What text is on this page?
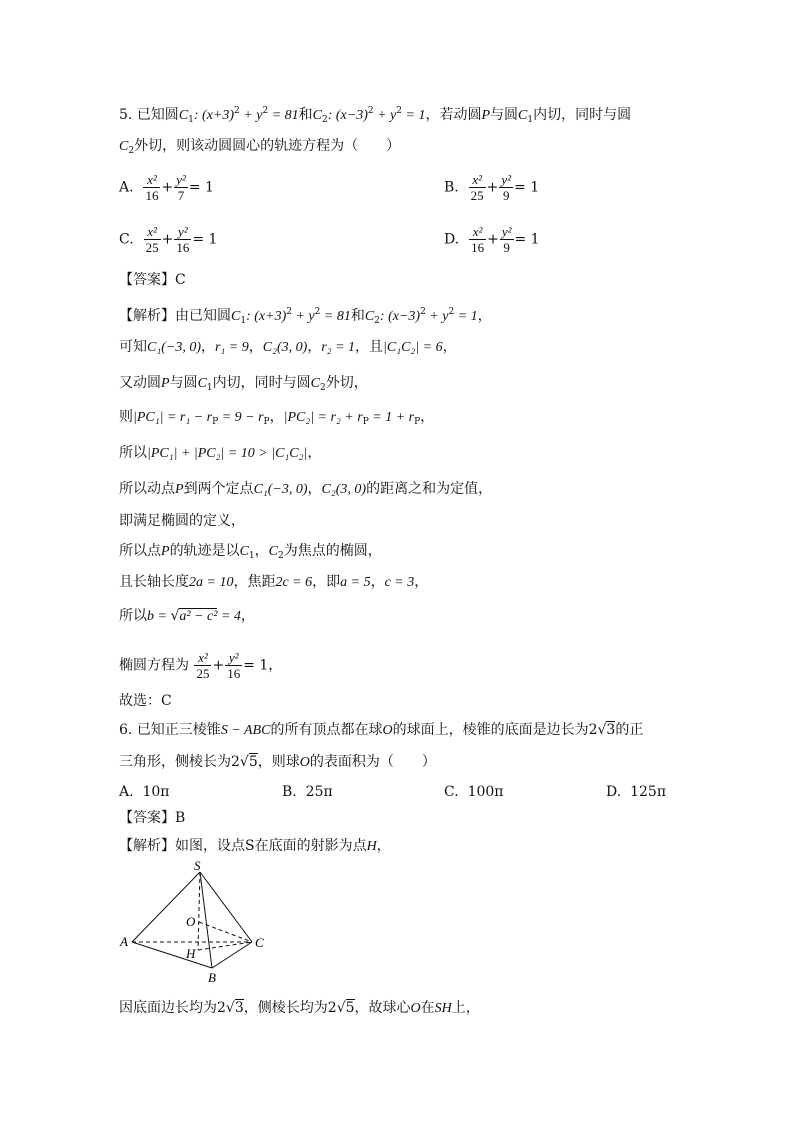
5. 已知圆$C_1$: $(x+3)^2 + y^2 = 81$和$C_2$: $(x-3)^2 + y^2 = 1$，若动圆P与圆$C_1$内切，同时与圆
$C_2$外切，则该动圆圆心的轨迹方程为（　　）
A. $\frac{\text{x²}}{16} + \frac{\text{y²}}{7} = 1$	B. $\frac{\text{x²}}{25} + \frac{\text{y²}}{9} = 1$
C. $\frac{\text{x²}}{25} + \frac{\text{y²}}{16} = 1$	D. $\frac{\text{x²}}{16} + \frac{\text{y²}}{9} = 1$
【答案】C
【解析】由已知圆$C_1$: $(x+3)^2 + y^2 = 81$和$C_2$: $(x-3)^2 + y^2 = 1$，
可知C₁(−3, 0)，r₁ = 9，C₂(3, 0)，r₂ = 1，且|C₁C₂| = 6，
又动圆P与圆$C_1$内切，同时与圆$C_2$外切，
则$|PC_1| = r_1 - r_P = 9 - r_P$，$|PC_2| = r_2 + r_P = 1 + r_P$，
所以|PC₁| + |PC₂| = 10 > |C₁C₂|，
所以动点P到两个定点C₁(−3, 0)，C₂(3, 0)的距离之和为定值，
即满足椭圆的定义，
所以点P的轨迹是以$C_1$，$C_2$为焦点的椭圆，
且长轴长度2a = 10，焦距2c = 6，即a = 5，c = 3，
所以b = √a² − c² = 4，
椭圆方程为 $\frac{\text{x²}}{25} + \frac{\text{y²}}{16} = 1$，
故选：C
6. 已知正三棱锥S − ABC的所有顶点都在球O的球面上，棱锥的底面是边长为2√3的正
三角形，侧棱长为2√5，则球O的表面积为（　　）
A. 10π	B. 25π	C. 100π	D. 125π
【答案】B
【解析】如图，设点S在底面的射影为点H，
S
O
A	C
H
B
因底面边长均为2√3，侧棱长均为2√5，故球心O在SH上，
